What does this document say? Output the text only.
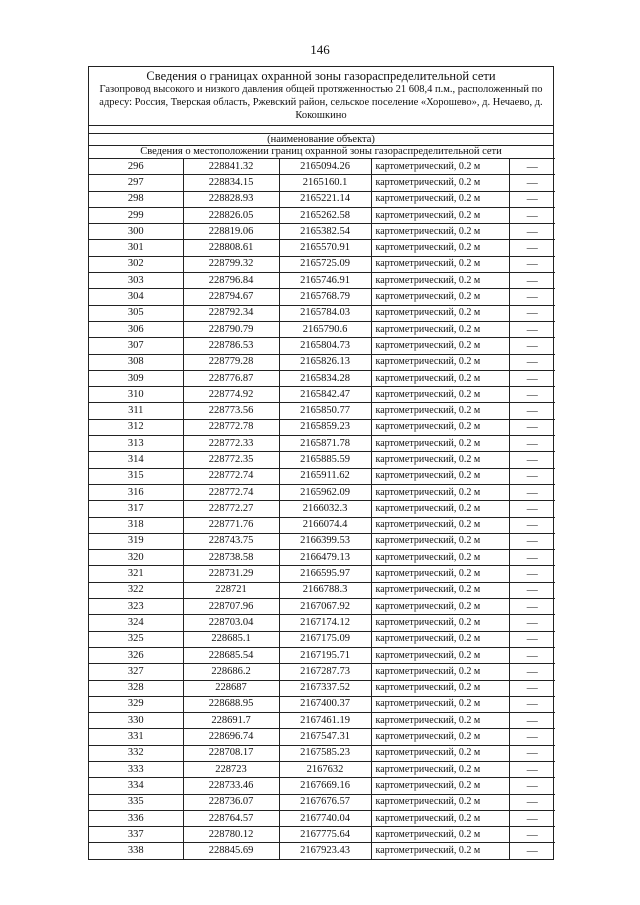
146
Сведения о границах охранной зоны газораспределительной сети
Газопровод высокого и низкого давления общей протяженностью 21 608,4 п.м., расположенный по адресу: Россия, Тверская область, Ржевский район, сельское поселение «Хорошево», д. Нечаево, д. Кокошкино
(наименование объекта)
Сведения о местоположении границ охранной зоны газораспределительной сети
296	228841.32	2165094.26	картометрический, 0.2 м	—
297	228834.15	2165160.1	картометрический, 0.2 м	—
298	228828.93	2165221.14	картометрический, 0.2 м	—
299	228826.05	2165262.58	картометрический, 0.2 м	—
300	228819.06	2165382.54	картометрический, 0.2 м	—
301	228808.61	2165570.91	картометрический, 0.2 м	—
302	228799.32	2165725.09	картометрический, 0.2 м	—
303	228796.84	2165746.91	картометрический, 0.2 м	—
304	228794.67	2165768.79	картометрический, 0.2 м	—
305	228792.34	2165784.03	картометрический, 0.2 м	—
306	228790.79	2165790.6	картометрический, 0.2 м	—
307	228786.53	2165804.73	картометрический, 0.2 м	—
308	228779.28	2165826.13	картометрический, 0.2 м	—
309	228776.87	2165834.28	картометрический, 0.2 м	—
310	228774.92	2165842.47	картометрический, 0.2 м	—
311	228773.56	2165850.77	картометрический, 0.2 м	—
312	228772.78	2165859.23	картометрический, 0.2 м	—
313	228772.33	2165871.78	картометрический, 0.2 м	—
314	228772.35	2165885.59	картометрический, 0.2 м	—
315	228772.74	2165911.62	картометрический, 0.2 м	—
316	228772.74	2165962.09	картометрический, 0.2 м	—
317	228772.27	2166032.3	картометрический, 0.2 м	—
318	228771.76	2166074.4	картометрический, 0.2 м	—
319	228743.75	2166399.53	картометрический, 0.2 м	—
320	228738.58	2166479.13	картометрический, 0.2 м	—
321	228731.29	2166595.97	картометрический, 0.2 м	—
322	228721	2166788.3	картометрический, 0.2 м	—
323	228707.96	2167067.92	картометрический, 0.2 м	—
324	228703.04	2167174.12	картометрический, 0.2 м	—
325	228685.1	2167175.09	картометрический, 0.2 м	—
326	228685.54	2167195.71	картометрический, 0.2 м	—
327	228686.2	2167287.73	картометрический, 0.2 м	—
328	228687	2167337.52	картометрический, 0.2 м	—
329	228688.95	2167400.37	картометрический, 0.2 м	—
330	228691.7	2167461.19	картометрический, 0.2 м	—
331	228696.74	2167547.31	картометрический, 0.2 м	—
332	228708.17	2167585.23	картометрический, 0.2 м	—
333	228723	2167632	картометрический, 0.2 м	—
334	228733.46	2167669.16	картометрический, 0.2 м	—
335	228736.07	2167676.57	картометрический, 0.2 м	—
336	228764.57	2167740.04	картометрический, 0.2 м	—
337	228780.12	2167775.64	картометрический, 0.2 м	—
338	228845.69	2167923.43	картометрический, 0.2 м	—
